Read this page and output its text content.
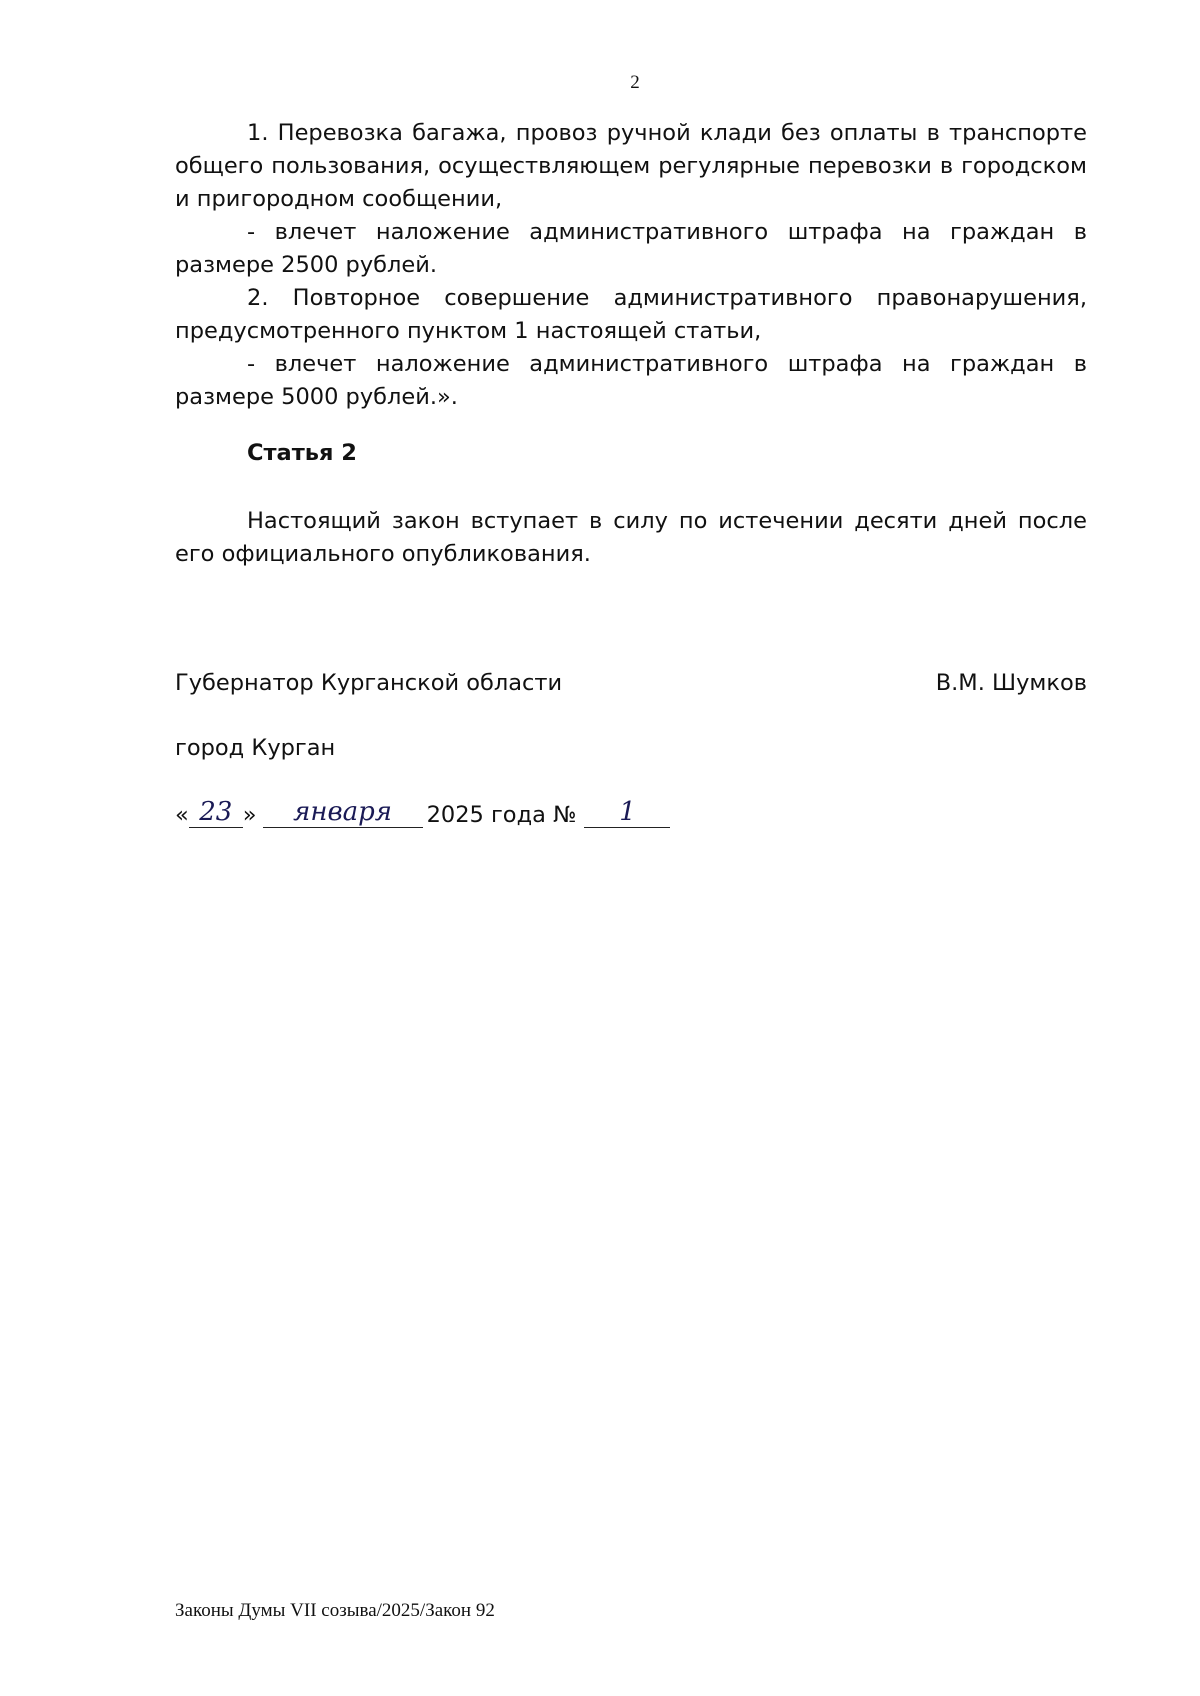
2

1. Перевозка багажа, провоз ручной клади без оплаты в транспорте общего пользования, осуществляющем регулярные перевозки в городском и пригородном сообщении,

- влечет наложение административного штрафа на граждан в размере 2500 рублей.

2. Повторное совершение административного правонарушения, предусмотренного пунктом 1 настоящей статьи,

- влечет наложение административного штрафа на граждан в размере 5000 рублей.».

Статья 2

Настоящий закон вступает в силу по истечении десяти дней после его официального опубликования.

Губернатор Курганской области	В.М. Шумков
город Курган
« 23 »	января	2025 года №	1
Законы Думы VII созыва/2025/Закон 92
